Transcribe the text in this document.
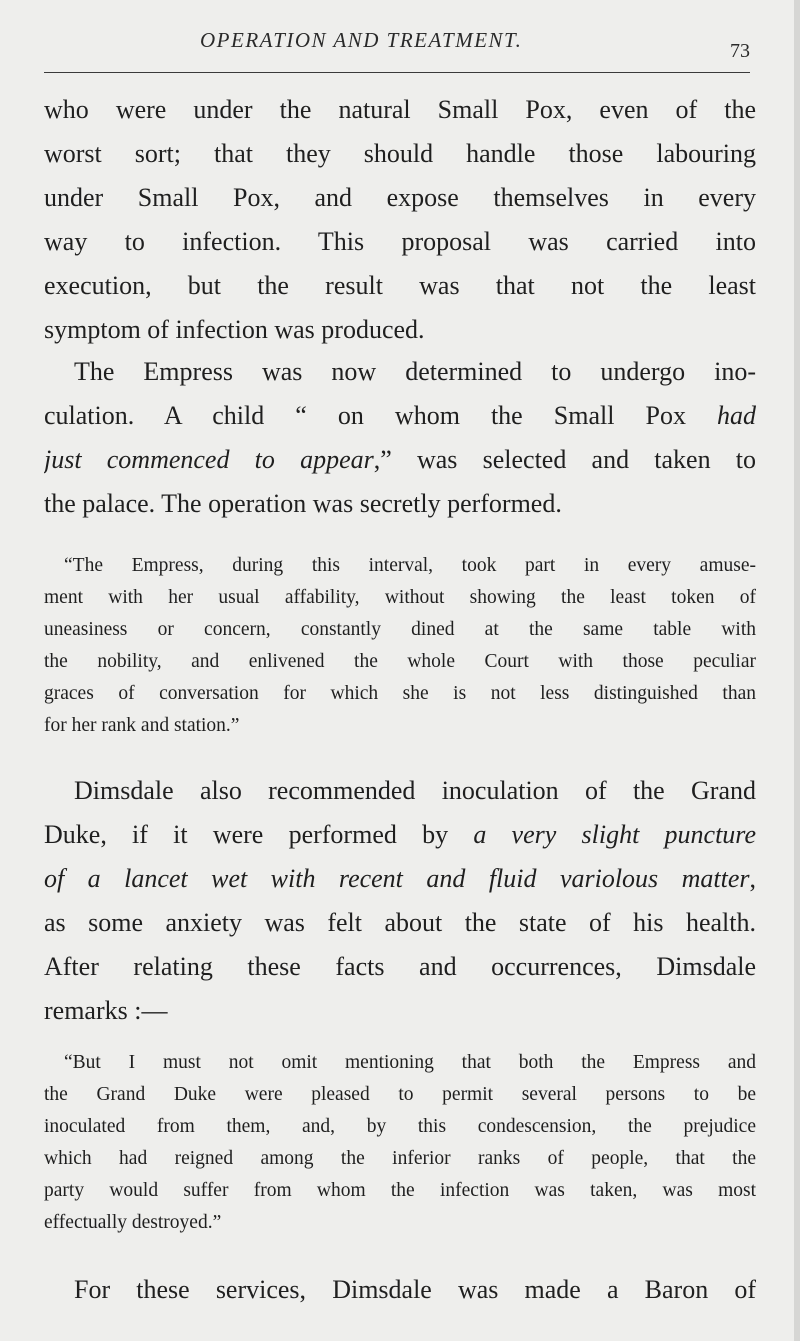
OPERATION AND TREATMENT.	73
who were under the natural Small Pox, even of the
worst sort; that they should handle those labouring
under Small Pox, and expose themselves in every
way to infection. This proposal was carried into
execution, but the result was that not the least
symptom of infection was produced.
The Empress was now determined to undergo ino-
culation. A child “ on whom the Small Pox had
just commenced to appear,” was selected and taken to
the palace. The operation was secretly performed.
“The Empress, during this interval, took part in every amuse-
ment with her usual affability, without showing the least token of
uneasiness or concern, constantly dined at the same table with
the nobility, and enlivened the whole Court with those peculiar
graces of conversation for which she is not less distinguished than
for her rank and station.”
Dimsdale also recommended inoculation of the Grand
Duke, if it were performed by a very slight puncture
of a lancet wet with recent and fluid variolous matter,
as some anxiety was felt about the state of his health.
After relating these facts and occurrences, Dimsdale
remarks :—
“But I must not omit mentioning that both the Empress and
the Grand Duke were pleased to permit several persons to be
inoculated from them, and, by this condescension, the prejudice
which had reigned among the inferior ranks of people, that the
party would suffer from whom the infection was taken, was most
effectually destroyed.”
For these services, Dimsdale was made a Baron of
